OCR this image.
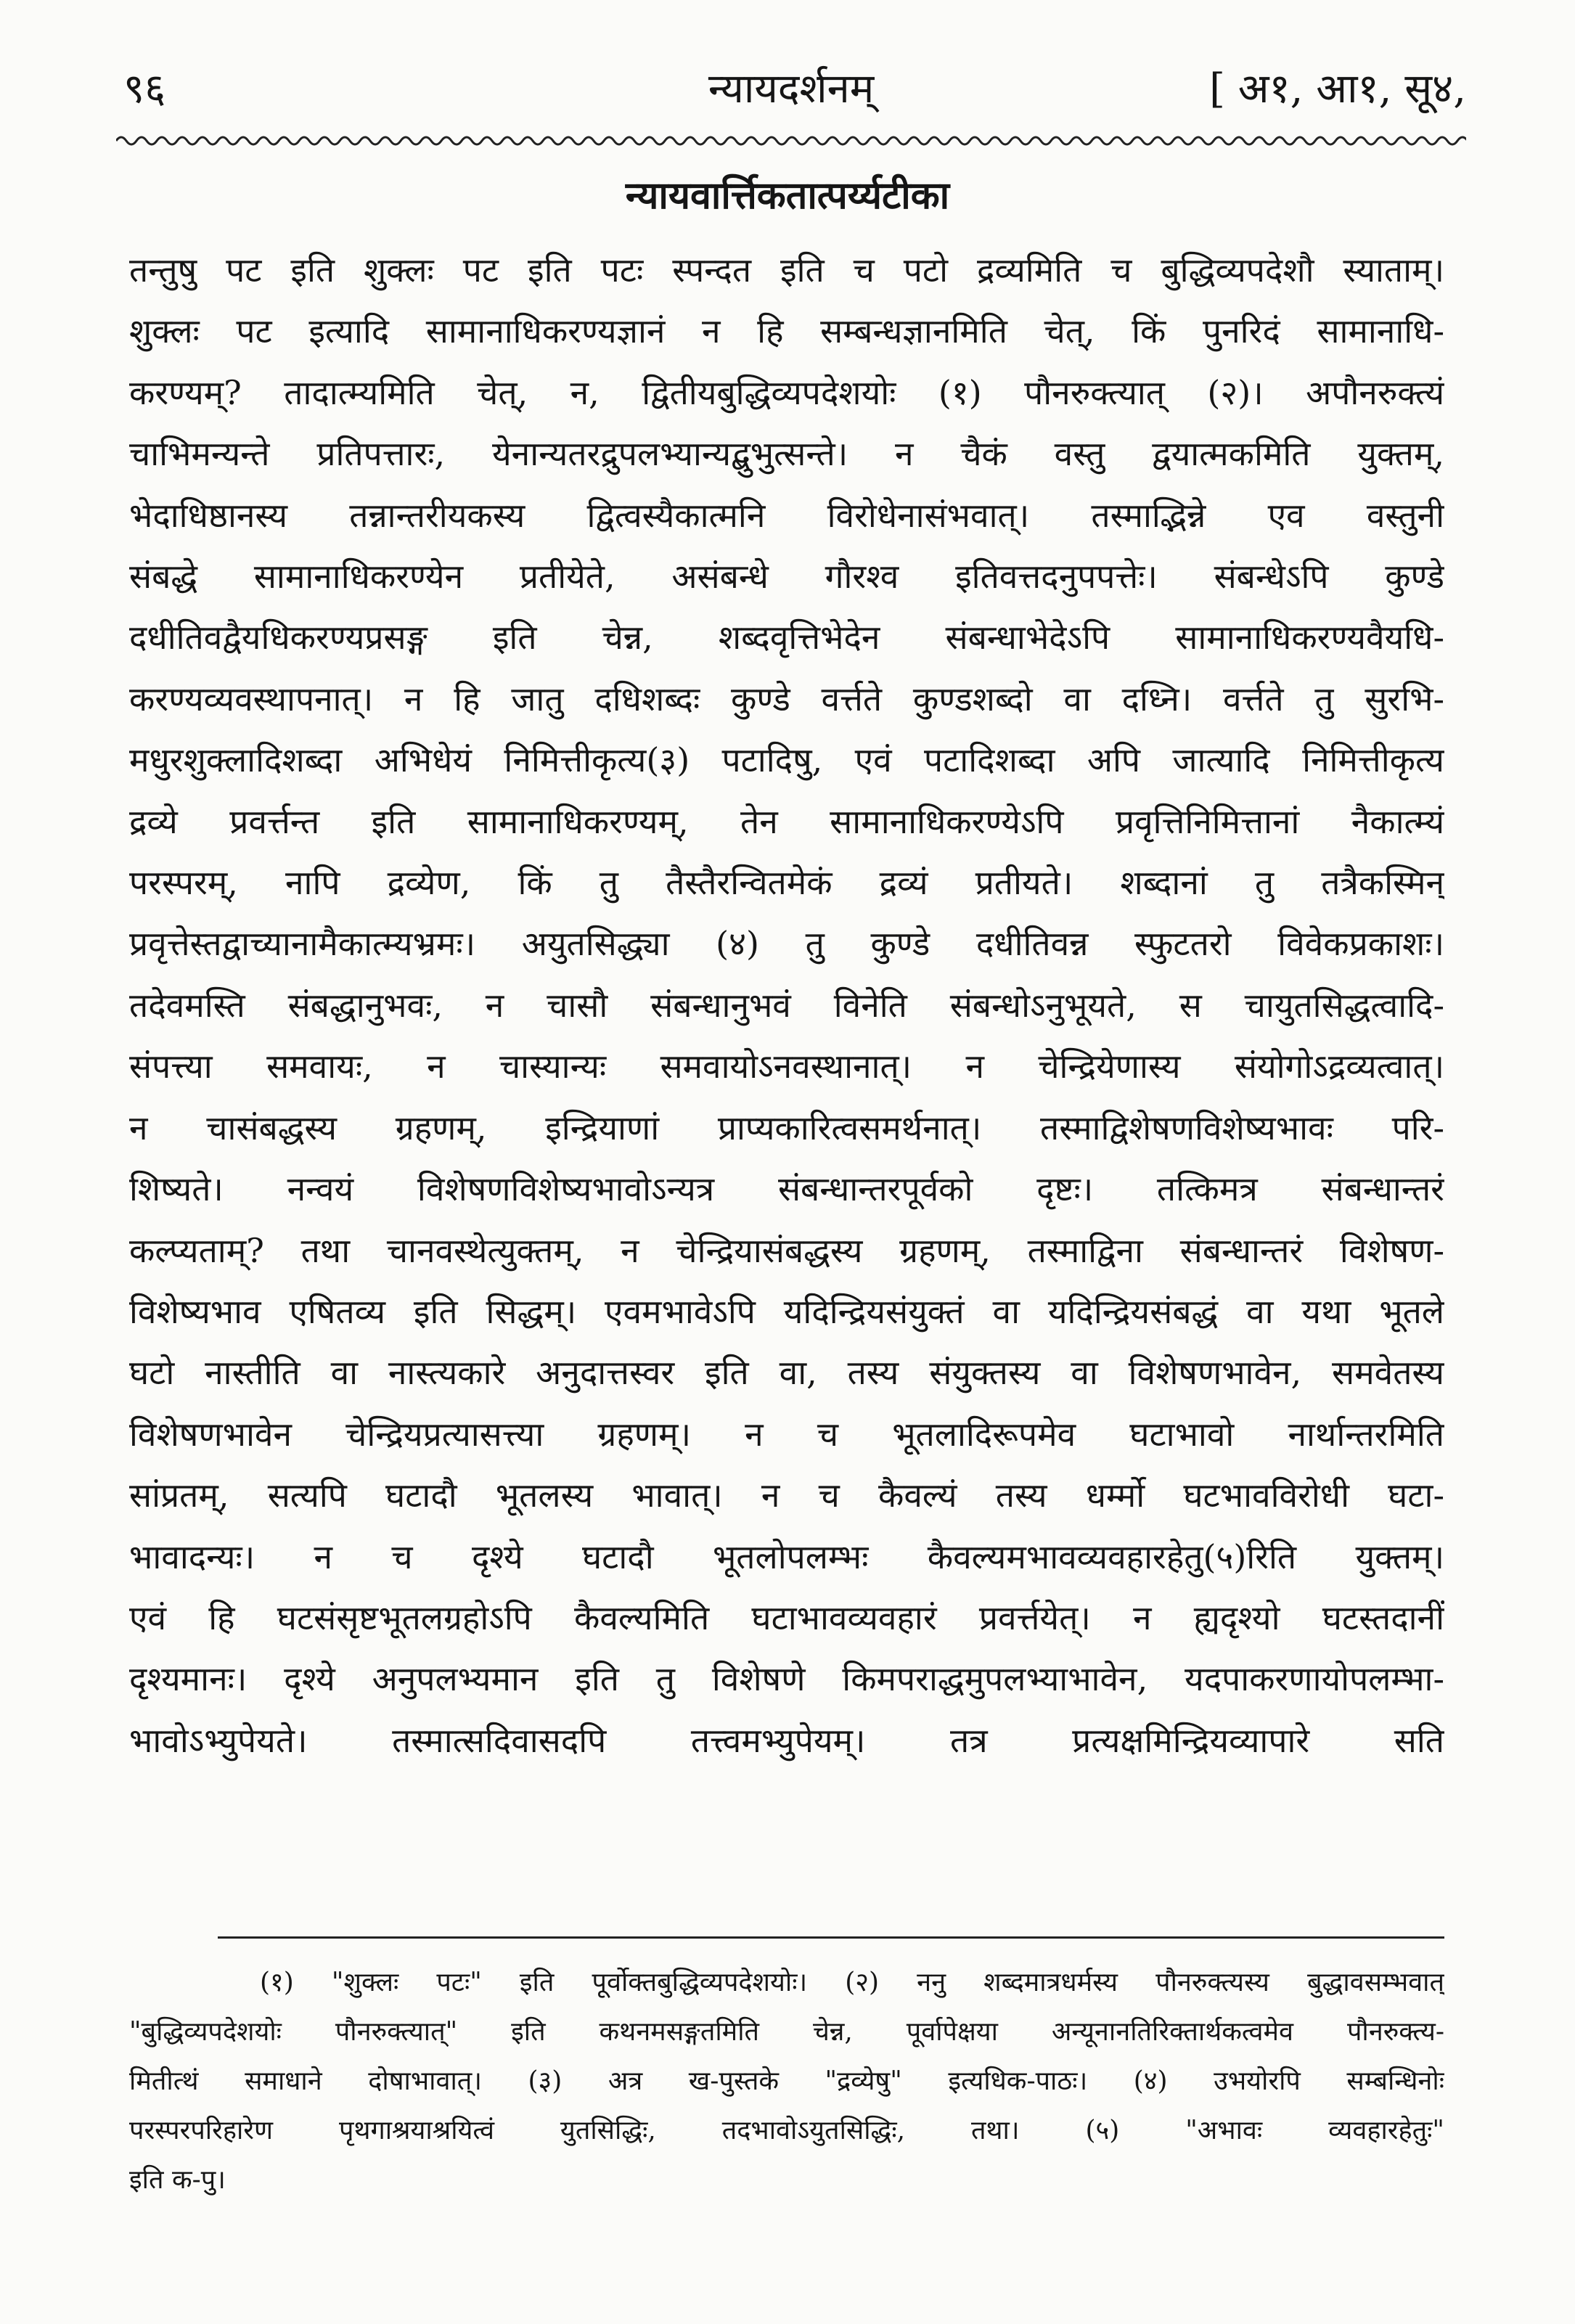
९६	न्यायदर्शनम्	[ अ१, आ१, सू४,
न्यायवार्त्तिकतात्पर्य्यटीका

तन्तुषु पट इति शुक्लः पट इति पटः स्पन्दत इति च पटो द्रव्यमिति च बुद्धिव्यपदेशौ स्याताम्।
शुक्लः पट इत्यादि सामानाधिकरण्यज्ञानं न हि सम्बन्धज्ञानमिति चेत्, किं पुनरिदं सामानाधि-
करण्यम्? तादात्म्यमिति चेत्, न, द्वितीयबुद्धिव्यपदेशयोः (१) पौनरुक्त्यात् (२)। अपौनरुक्त्यं
चाभिमन्यन्ते प्रतिपत्तारः, येनान्यतरद्रुपलभ्यान्यद्बुभुत्सन्ते। न चैकं वस्तु द्वयात्मकमिति युक्तम्,
भेदाधिष्ठानस्य तन्नान्तरीयकस्य द्वित्वस्यैकात्मनि विरोधेनासंभवात्। तस्माद्भिन्ने एव वस्तुनी
संबद्धे सामानाधिकरण्येन प्रतीयेते, असंबन्धे गौरश्व इतिवत्तदनुपपत्तेः। संबन्धेऽपि कुण्डे
दधीतिवद्वैयधिकरण्यप्रसङ्ग इति चेन्न, शब्दवृत्तिभेदेन संबन्धाभेदेऽपि सामानाधिकरण्यवैयधि-
करण्यव्यवस्थापनात्। न हि जातु दधिशब्दः कुण्डे वर्त्तते कुण्डशब्दो वा दध्नि। वर्त्तते तु सुरभि-
मधुरशुक्लादिशब्दा अभिधेयं निमित्तीकृत्य(३) पटादिषु, एवं पटादिशब्दा अपि जात्यादि निमित्तीकृत्य
द्रव्ये प्रवर्त्तन्त इति सामानाधिकरण्यम्, तेन सामानाधिकरण्येऽपि प्रवृत्तिनिमित्तानां नैकात्म्यं
परस्परम्, नापि द्रव्येण, किं तु तैस्तैरन्वितमेकं द्रव्यं प्रतीयते। शब्दानां तु तत्रैकस्मिन्
प्रवृत्तेस्तद्वाच्यानामैकात्म्यभ्रमः। अयुतसिद्ध्या (४) तु कुण्डे दधीतिवन्न स्फुटतरो विवेकप्रकाशः।
तदेवमस्ति संबद्धानुभवः, न चासौ संबन्धानुभवं विनेति संबन्धोऽनुभूयते, स चायुतसिद्धत्वादि-
संपत्त्या समवायः, न चास्यान्यः समवायोऽनवस्थानात्। न चेन्द्रियेणास्य संयोगोऽद्रव्यत्वात्।
न चासंबद्धस्य ग्रहणम्, इन्द्रियाणां प्राप्यकारित्वसमर्थनात्। तस्माद्विशेषणविशेष्यभावः परि-
शिष्यते। नन्वयं विशेषणविशेष्यभावोऽन्यत्र संबन्धान्तरपूर्वको दृष्टः। तत्किमत्र संबन्धान्तरं
कल्प्यताम्? तथा चानवस्थेत्युक्तम्, न चेन्द्रियासंबद्धस्य ग्रहणम्, तस्माद्विना संबन्धान्तरं विशेषण-
विशेष्यभाव एषितव्य इति सिद्धम्। एवमभावेऽपि यदिन्द्रियसंयुक्तं वा यदिन्द्रियसंबद्धं वा यथा भूतले
घटो नास्तीति वा नास्त्यकारे अनुदात्तस्वर इति वा, तस्य संयुक्तस्य वा विशेषणभावेन, समवेतस्य
विशेषणभावेन चेन्द्रियप्रत्यासत्त्या ग्रहणम्। न च भूतलादिरूपमेव घटाभावो नार्थान्तरमिति
सांप्रतम्, सत्यपि घटादौ भूतलस्य भावात्। न च कैवल्यं तस्य धर्म्मो घटभावविरोधी घटा-
भावादन्यः। न च दृश्ये घटादौ भूतलोपलम्भः कैवल्यमभावव्यवहारहेतु(५)रिति युक्तम्।
एवं हि घटसंसृष्टभूतलग्रहोऽपि कैवल्यमिति घटाभावव्यवहारं प्रवर्त्तयेत्। न ह्यदृश्यो घटस्तदानीं
दृश्यमानः। दृश्ये अनुपलभ्यमान इति तु विशेषणे किमपराद्धमुपलभ्याभावेन, यदपाकरणायोपलम्भा-
भावोऽभ्युपेयते। तस्मात्सदिवासदपि तत्त्वमभ्युपेयम्। तत्र प्रत्यक्षमिन्द्रियव्यापारे सति

(१) "शुक्लः पटः" इति पूर्वोक्तबुद्धिव्यपदेशयोः। (२) ननु शब्दमात्रधर्मस्य पौनरुक्त्यस्य बुद्धावसम्भवात्
"बुद्धिव्यपदेशयोः पौनरुक्त्यात्" इति कथनमसङ्गतमिति चेन्न, पूर्वापेक्षया अन्यूनानतिरिक्तार्थकत्वमेव पौनरुक्त्य-
मितीत्थं समाधाने दोषाभावात्। (३) अत्र ख-पुस्तके "द्रव्येषु" इत्यधिक-पाठः। (४) उभयोरपि सम्बन्धिनोः
परस्परपरिहारेण पृथगाश्रयाश्रयित्वं युतसिद्धिः, तदभावोऽयुतसिद्धिः, तथा। (५) "अभावः व्यवहारहेतुः"
इति क-पु।
